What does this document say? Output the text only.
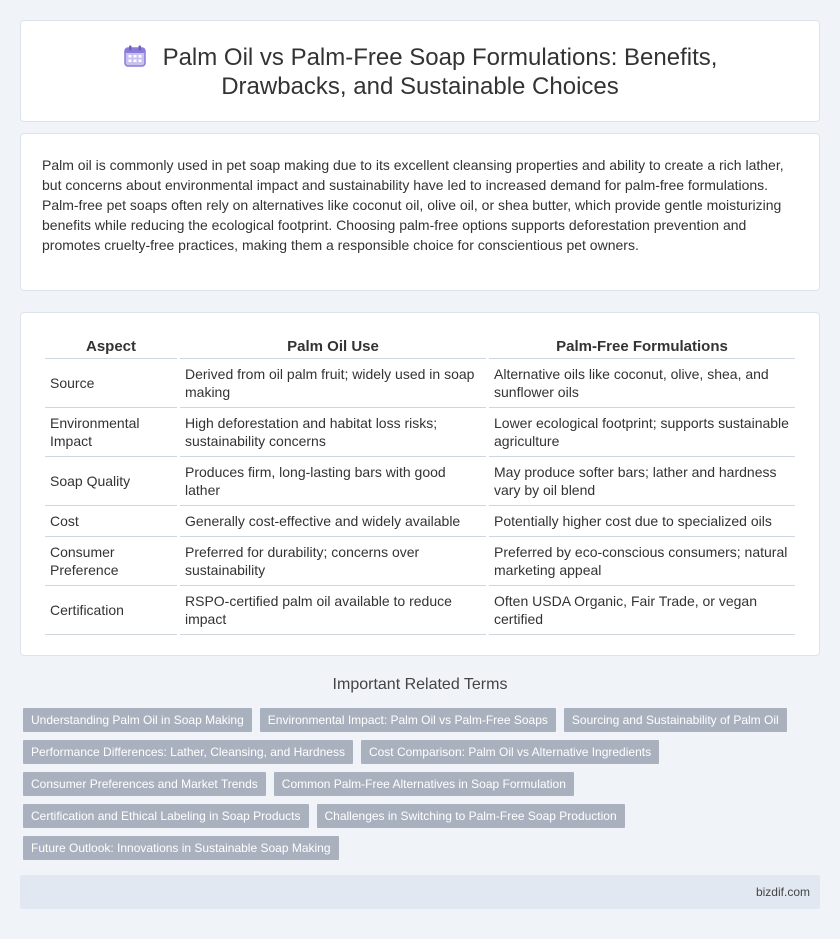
Palm Oil vs Palm-Free Soap Formulations: Benefits, Drawbacks, and Sustainable Choices

Palm oil is commonly used in pet soap making due to its excellent cleansing properties and ability to create a rich lather, but concerns about environmental impact and sustainability have led to increased demand for palm-free formulations. Palm-free pet soaps often rely on alternatives like coconut oil, olive oil, or shea butter, which provide gentle moisturizing benefits while reducing the ecological footprint. Choosing palm-free options supports deforestation prevention and promotes cruelty-free practices, making them a responsible choice for conscientious pet owners.

Aspect	Palm Oil Use	Palm-Free Formulations
Source	Derived from oil palm fruit; widely used in soap making	Alternative oils like coconut, olive, shea, and sunflower oils
Environmental Impact	High deforestation and habitat loss risks; sustainability concerns	Lower ecological footprint; supports sustainable agriculture
Soap Quality	Produces firm, long-lasting bars with good lather	May produce softer bars; lather and hardness vary by oil blend
Cost	Generally cost-effective and widely available	Potentially higher cost due to specialized oils
Consumer Preference	Preferred for durability; concerns over sustainability	Preferred by eco-conscious consumers; natural marketing appeal
Certification	RSPO-certified palm oil available to reduce impact	Often USDA Organic, Fair Trade, or vegan certified
Important Related Terms
Understanding Palm Oil in Soap Making	Environmental Impact: Palm Oil vs Palm-Free Soaps	Sourcing and Sustainability of Palm Oil
Performance Differences: Lather, Cleansing, and Hardness	Cost Comparison: Palm Oil vs Alternative Ingredients
Consumer Preferences and Market Trends	Common Palm-Free Alternatives in Soap Formulation
Certification and Ethical Labeling in Soap Products	Challenges in Switching to Palm-Free Soap Production
Future Outlook: Innovations in Sustainable Soap Making
bizdif.com
